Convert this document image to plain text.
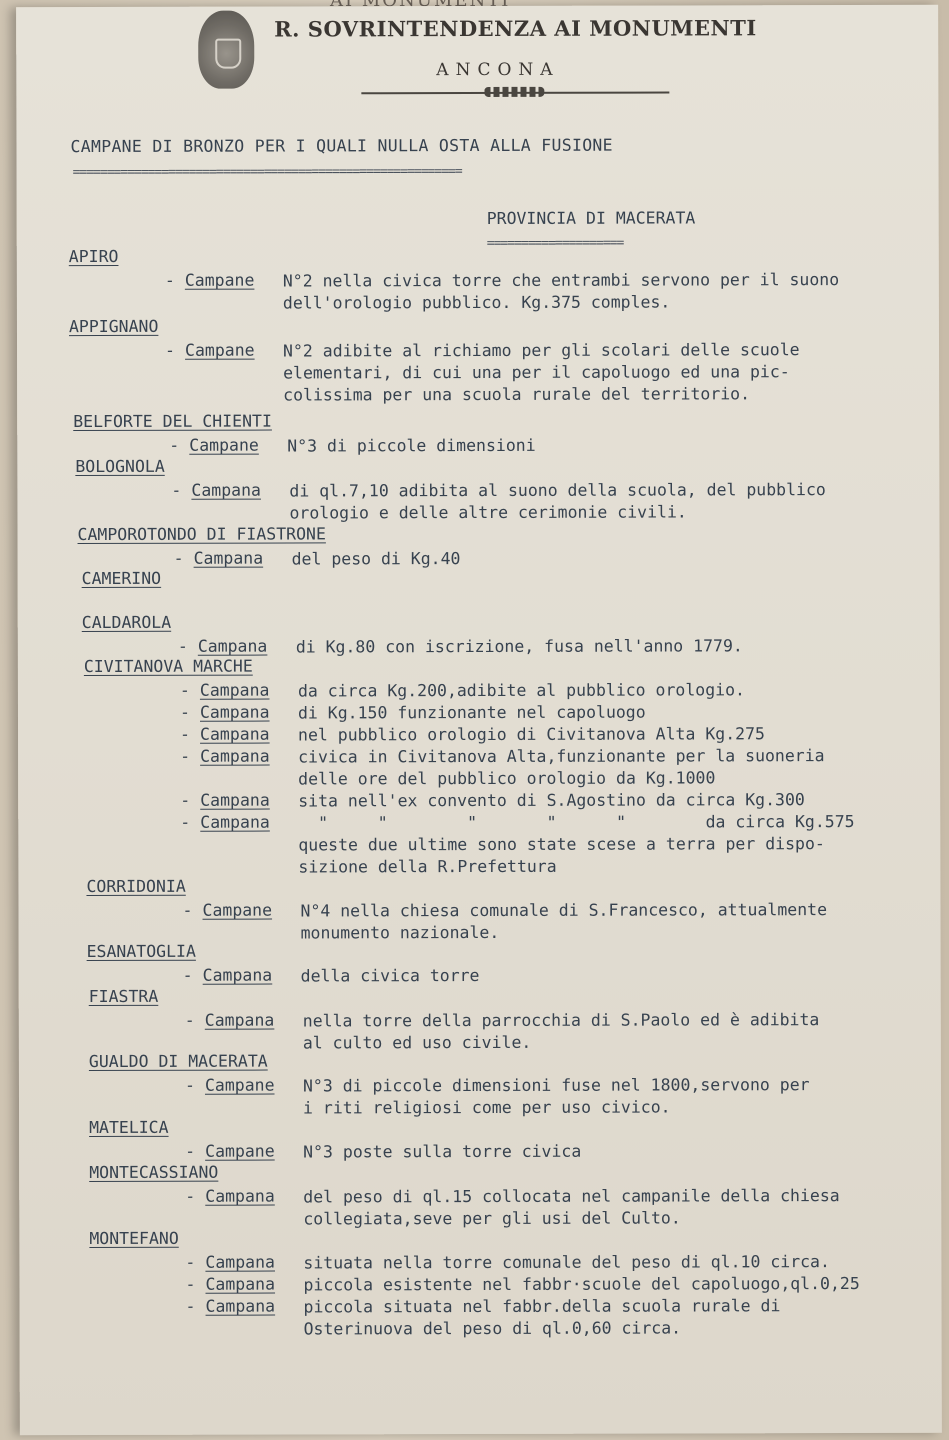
R. SOVRINTENDENZA AI MONUMENTI
ANCONA
CAMPANE DI BRONZO PER I QUALI NULLA OSTA ALLA FUSIONE
=========================================================
PROVINCIA DI MACERATA
====================
APIRO
- Campane N°2 nella civica torre che entrambi servono per il suono
dell'orologio pubblico. Kg.375 comples.
APPIGNANO
- Campane N°2 adibite al richiamo per gli scolari delle scuole
elementari, di cui una per il capoluogo ed una pic-
colissima per una scuola rurale del territorio.
BELFORTE DEL CHIENTI
- Campane N°3 di piccole dimensioni
BOLOGNOLA
- Campana di ql.7,10 adibita al suono della scuola, del pubblico
orologio e delle altre cerimonie civili.
CAMPOROTONDO DI FIASTRONE
- Campana del peso di Kg.40
CAMERINO
CALDAROLA
- Campana di Kg.80 con iscrizione, fusa nell'anno 1779.
CIVITANOVA MARCHE
- Campana da circa Kg.200,adibite al pubblico orologio.
- Campana di Kg.150 funzionante nel capoluogo
- Campana nel pubblico orologio di Civitanova Alta Kg.275
- Campana civica in Civitanova Alta,funzionante per la suoneria
delle ore del pubblico orologio da Kg.1000
- Campana sita nell'ex convento di S.Agostino da circa Kg.300
- Campana "     "        "       "      "        da circa Kg.575
queste due ultime sono state scese a terra per dispo-
sizione della R.Prefettura
CORRIDONIA
- Campane N°4 nella chiesa comunale di S.Francesco, attualmente
monumento nazionale.
ESANATOGLIA
- Campana della civica torre
FIASTRA
- Campana nella torre della parrocchia di S.Paolo ed è adibita
al culto ed uso civile.
GUALDO DI MACERATA
- Campane N°3 di piccole dimensioni fuse nel 1800,servono per
i riti religiosi come per uso civico.
MATELICA
- Campane N°3 poste sulla torre civica
MONTECASSIANO
- Campana del peso di ql.15 collocata nel campanile della chiesa
collegiata,seve per gli usi del Culto.
MONTEFANO
- Campana situata nella torre comunale del peso di ql.10 circa.
- Campana piccola esistente nel fabbr·scuole del capoluogo,ql.0,25
- Campana piccola situata nel fabbr.della scuola rurale di
Osterinuova del peso di ql.0,60 circa.
